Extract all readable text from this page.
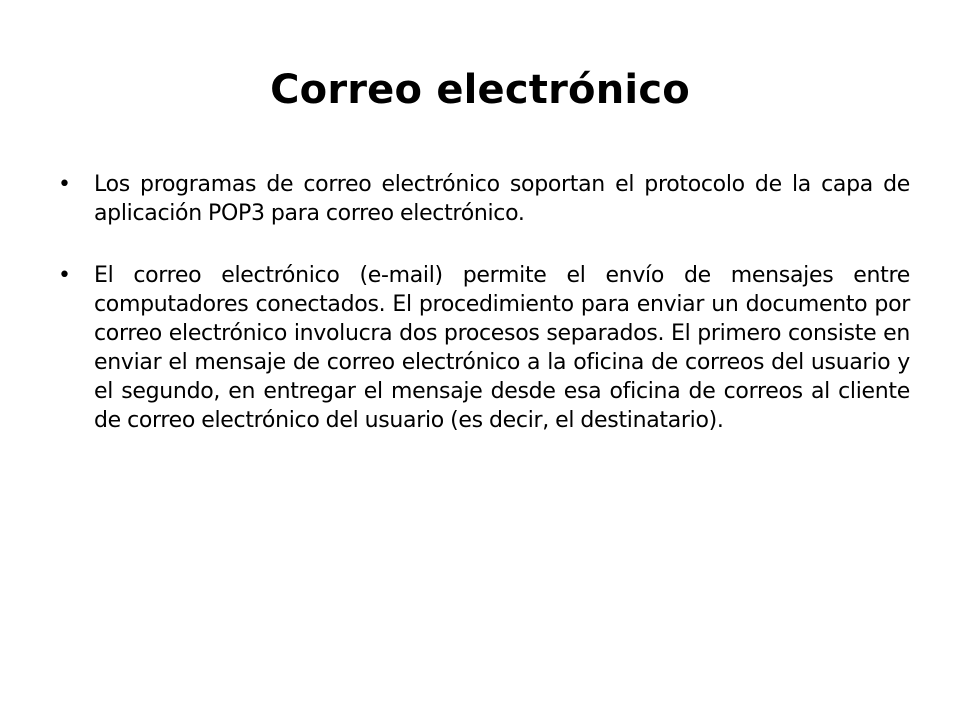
Correo electrónico
• Los programas de correo electrónico soportan el protocolo de la capa de aplicación POP3 para correo electrónico.
• El correo electrónico (e-mail) permite el envío de mensajes entre computadores conectados. El procedimiento para enviar un documento por correo electrónico involucra dos procesos separados. El primero consiste en enviar el mensaje de correo electrónico a la oficina de correos del usuario y el segundo, en entregar el mensaje desde esa oficina de correos al cliente de correo electrónico del usuario (es decir, el destinatario).
